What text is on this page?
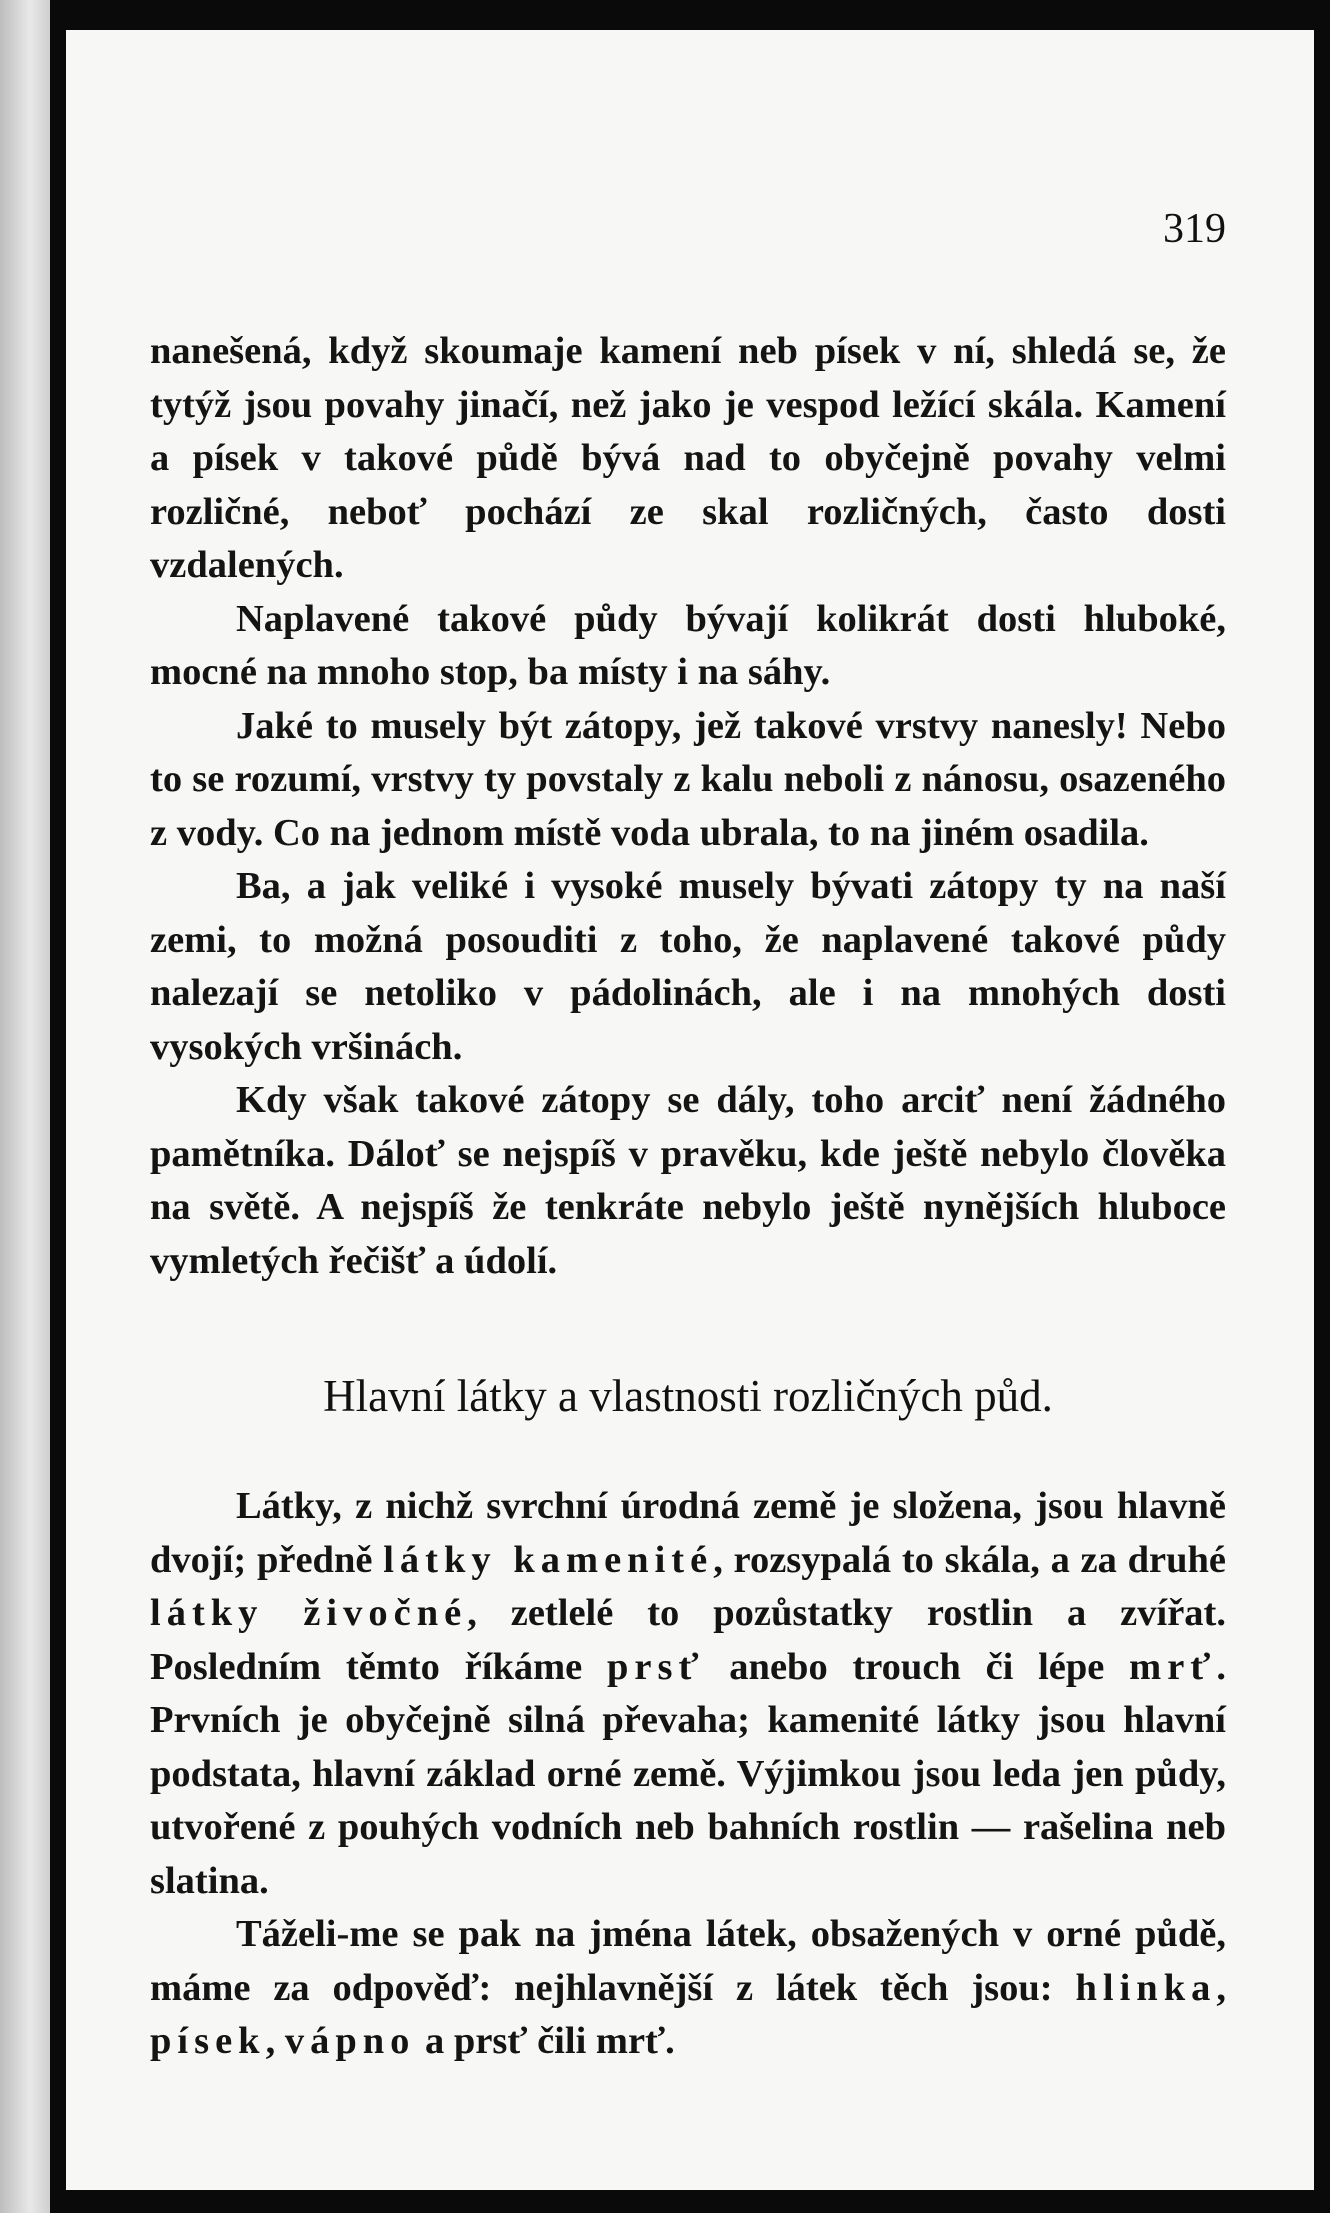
319

nanešená, když skoumaje kamení neb písek v ní, shledá se, že tytýž jsou povahy jinačí, než jako je vespod ležící skála. Kamení a písek v takové půdě bývá nad to obyčejně povahy velmi rozličné, neboť pochází ze skal rozličných, často dosti vzdalených.

Naplavené takové půdy bývají kolikrát dosti hluboké, mocné na mnoho stop, ba místy i na sáhy.

Jaké to musely být zátopy, jež takové vrstvy nanesly! Nebo to se rozumí, vrstvy ty povstaly z kalu neboli z nánosu, osazeného z vody. Co na jednom místě voda ubrala, to na jiném osadila.

Ba, a jak veliké i vysoké musely bývati zátopy ty na naší zemi, to možná posouditi z toho, že naplavené takové půdy nalezají se netoliko v pádolinách, ale i na mnohých dosti vysokých vršinách.

Kdy však takové zátopy se dály, toho arciť není žádného pamětníka. Dáloť se nejspíš v pravěku, kde ještě nebylo člověka na světě. A nejspíš že tenkráte nebylo ještě nynějších hluboce vymletých řečišť a údolí.

Hlavní látky a vlastnosti rozličných půd.

Látky, z nichž svrchní úrodná země je složena, jsou hlavně dvojí; předně látky kamenité, rozsypalá to skála, a za druhé látky živočné, zetlelé to pozůstatky rostlin a zvířat. Posledním těmto říkáme prsť anebo trouch či lépe mrť. Prvních je obyčejně silná převaha; kamenité látky jsou hlavní podstata, hlavní základ orné země. Výjimkou jsou leda jen půdy, utvořené z pouhých vodních neb bahních rostlin — rašelina neb slatina.

Táželi-me se pak na jména látek, obsažených v orné půdě, máme za odpověď: nejhlavnější z látek těch jsou: hlinka, písek, vápno a prsť čili mrť.
